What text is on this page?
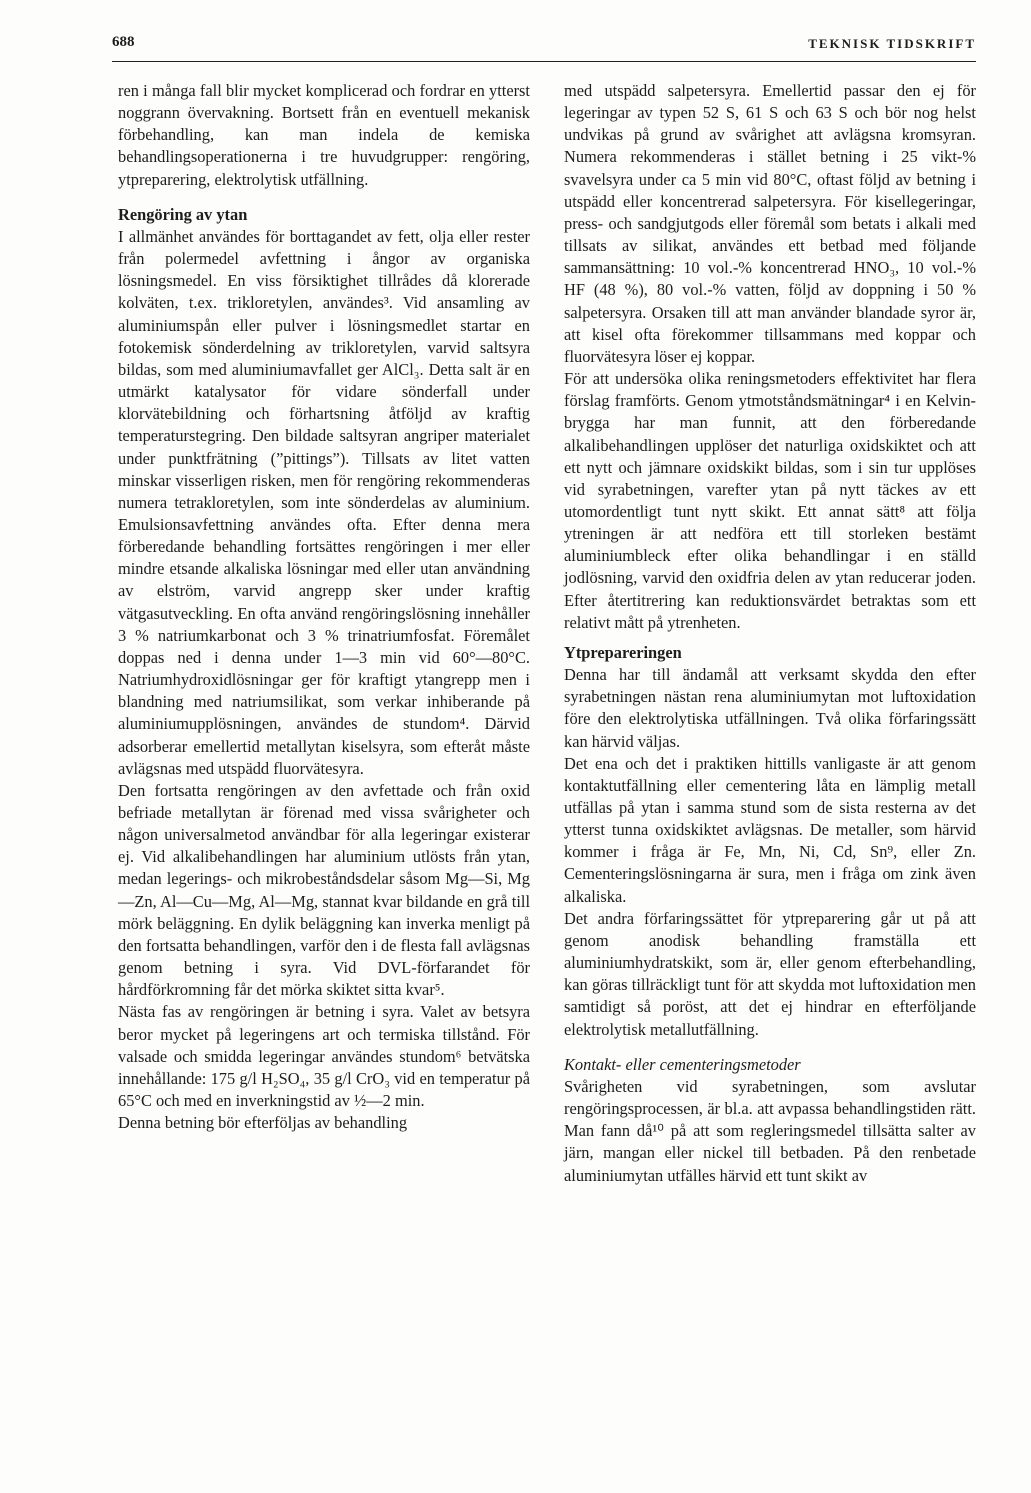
688	TEKNISK TIDSKRIFT

ren i många fall blir mycket komplicerad och fordrar en ytterst noggrann övervakning. Bortsett från en eventuell mekanisk förbehandling, kan man indela de kemiska behandlingsoperationerna i tre huvudgrupper: rengöring, ytpreparering, elektrolytisk utfällning.

Rengöring av ytan

I allmänhet användes för borttagandet av fett, olja eller rester från polermedel avfettning i ångor av organiska lösningsmedel. En viss försiktighet tillrådes då klorerade kolväten, t.ex. trikloretylen, användes³. Vid ansamling av aluminiumspån eller pulver i lösningsmedlet startar en fotokemisk sönderdelning av trikloretylen, varvid saltsyra bildas, som med aluminiumavfallet ger AlCl₃. Detta salt är en utmärkt katalysator för vidare sönderfall under klorvätebildning och förhartsning åtföljd av kraftig temperaturstegring. Den bildade saltsyran angriper materialet under punktfrätning (”pittings”). Tillsats av litet vatten minskar visserligen risken, men för rengöring rekommenderas numera tetrakloretylen, som inte sönderdelas av aluminium. Emulsionsavfettning användes ofta. Efter denna mera förberedande behandling fortsättes rengöringen i mer eller mindre etsande alkaliska lösningar med eller utan användning av elström, varvid angrepp sker under kraftig vätgasutveckling. En ofta använd rengöringslösning innehåller 3 % natriumkarbonat och 3 % trinatriumfosfat. Föremålet doppas ned i denna under 1—3 min vid 60°—80°C. Natriumhydroxidlösningar ger för kraftigt ytangrepp men i blandning med natriumsilikat, som verkar inhiberande på aluminiumupplösningen, användes de stundom⁴. Därvid adsorberar emellertid metallytan kiselsyra, som efteråt måste avlägsnas med utspädd fluorvätesyra.

Den fortsatta rengöringen av den avfettade och från oxid befriade metallytan är förenad med vissa svårigheter och någon universalmetod användbar för alla legeringar existerar ej. Vid alkalibehandlingen har aluminium utlösts från ytan, medan legerings- och mikrobeståndsdelar såsom Mg—Si, Mg—Zn, Al—Cu—Mg, Al—Mg, stannat kvar bildande en grå till mörk beläggning. En dylik beläggning kan inverka menligt på den fortsatta behandlingen, varför den i de flesta fall avlägsnas genom betning i syra. Vid DVL-förfarandet för hårdförkromning får det mörka skiktet sitta kvar⁵.

Nästa fas av rengöringen är betning i syra. Valet av betsyra beror mycket på legeringens art och termiska tillstånd. För valsade och smidda legeringar användes stundom⁶ betvätska innehållande: 175 g/l H₂SO₄, 35 g/l CrO₃ vid en temperatur på 65°C och med en inverkningstid av ½—2 min.

Denna betning bör efterföljas av behandling

med utspädd salpetersyra. Emellertid passar den ej för legeringar av typen 52 S, 61 S och 63 S och bör nog helst undvikas på grund av svårighet att avlägsna kromsyran. Numera rekommenderas i stället betning i 25 vikt-% svavelsyra under ca 5 min vid 80°C, oftast följd av betning i utspädd eller koncentrerad salpetersyra. För kisellegeringar, press- och sandgjutgods eller föremål som betats i alkali med tillsats av silikat, användes ett betbad med följande sammansättning: 10 vol.-% koncentrerad HNO₃, 10 vol.-% HF (48 %), 80 vol.-% vatten, följd av doppning i 50 % salpetersyra. Orsaken till att man använder blandade syror är, att kisel ofta förekommer tillsammans med koppar och fluorvätesyra löser ej koppar.

För att undersöka olika reningsmetoders effektivitet har flera förslag framförts. Genom ytmotståndsmätningar⁴ i en Kelvin-brygga har man funnit, att den förberedande alkalibehandlingen upplöser det naturliga oxidskiktet och att ett nytt och jämnare oxidskikt bildas, som i sin tur upplöses vid syrabetningen, varefter ytan på nytt täckes av ett utomordentligt tunt nytt skikt. Ett annat sätt⁸ att följa ytreningen är att nedföra ett till storleken bestämt aluminiumbleck efter olika behandlingar i en ställd jodlösning, varvid den oxidfria delen av ytan reducerar joden. Efter återtitrering kan reduktionsvärdet betraktas som ett relativt mått på ytrenheten.

Ytprepareringen

Denna har till ändamål att verksamt skydda den efter syrabetningen nästan rena aluminiumytan mot luftoxidation före den elektrolytiska utfällningen. Två olika förfaringssätt kan härvid väljas.

Det ena och det i praktiken hittills vanligaste är att genom kontaktutfällning eller cementering låta en lämplig metall utfällas på ytan i samma stund som de sista resterna av det ytterst tunna oxidskiktet avlägsnas. De metaller, som härvid kommer i fråga är Fe, Mn, Ni, Cd, Sn⁹, eller Zn. Cementeringslösningarna är sura, men i fråga om zink även alkaliska.

Det andra förfaringssättet för ytpreparering går ut på att genom anodisk behandling framställa ett aluminiumhydratskikt, som är, eller genom efterbehandling, kan göras tillräckligt tunt för att skydda mot luftoxidation men samtidigt så poröst, att det ej hindrar en efterföljande elektrolytisk metallutfällning.

Kontakt- eller cementeringsmetoder

Svårigheten vid syrabetningen, som avslutar rengöringsprocessen, är bl.a. att avpassa behandlingstiden rätt. Man fann då¹⁰ på att som regleringsmedel tillsätta salter av järn, mangan eller nickel till betbaden. På den renbetade aluminiumytan utfälles härvid ett tunt skikt av
